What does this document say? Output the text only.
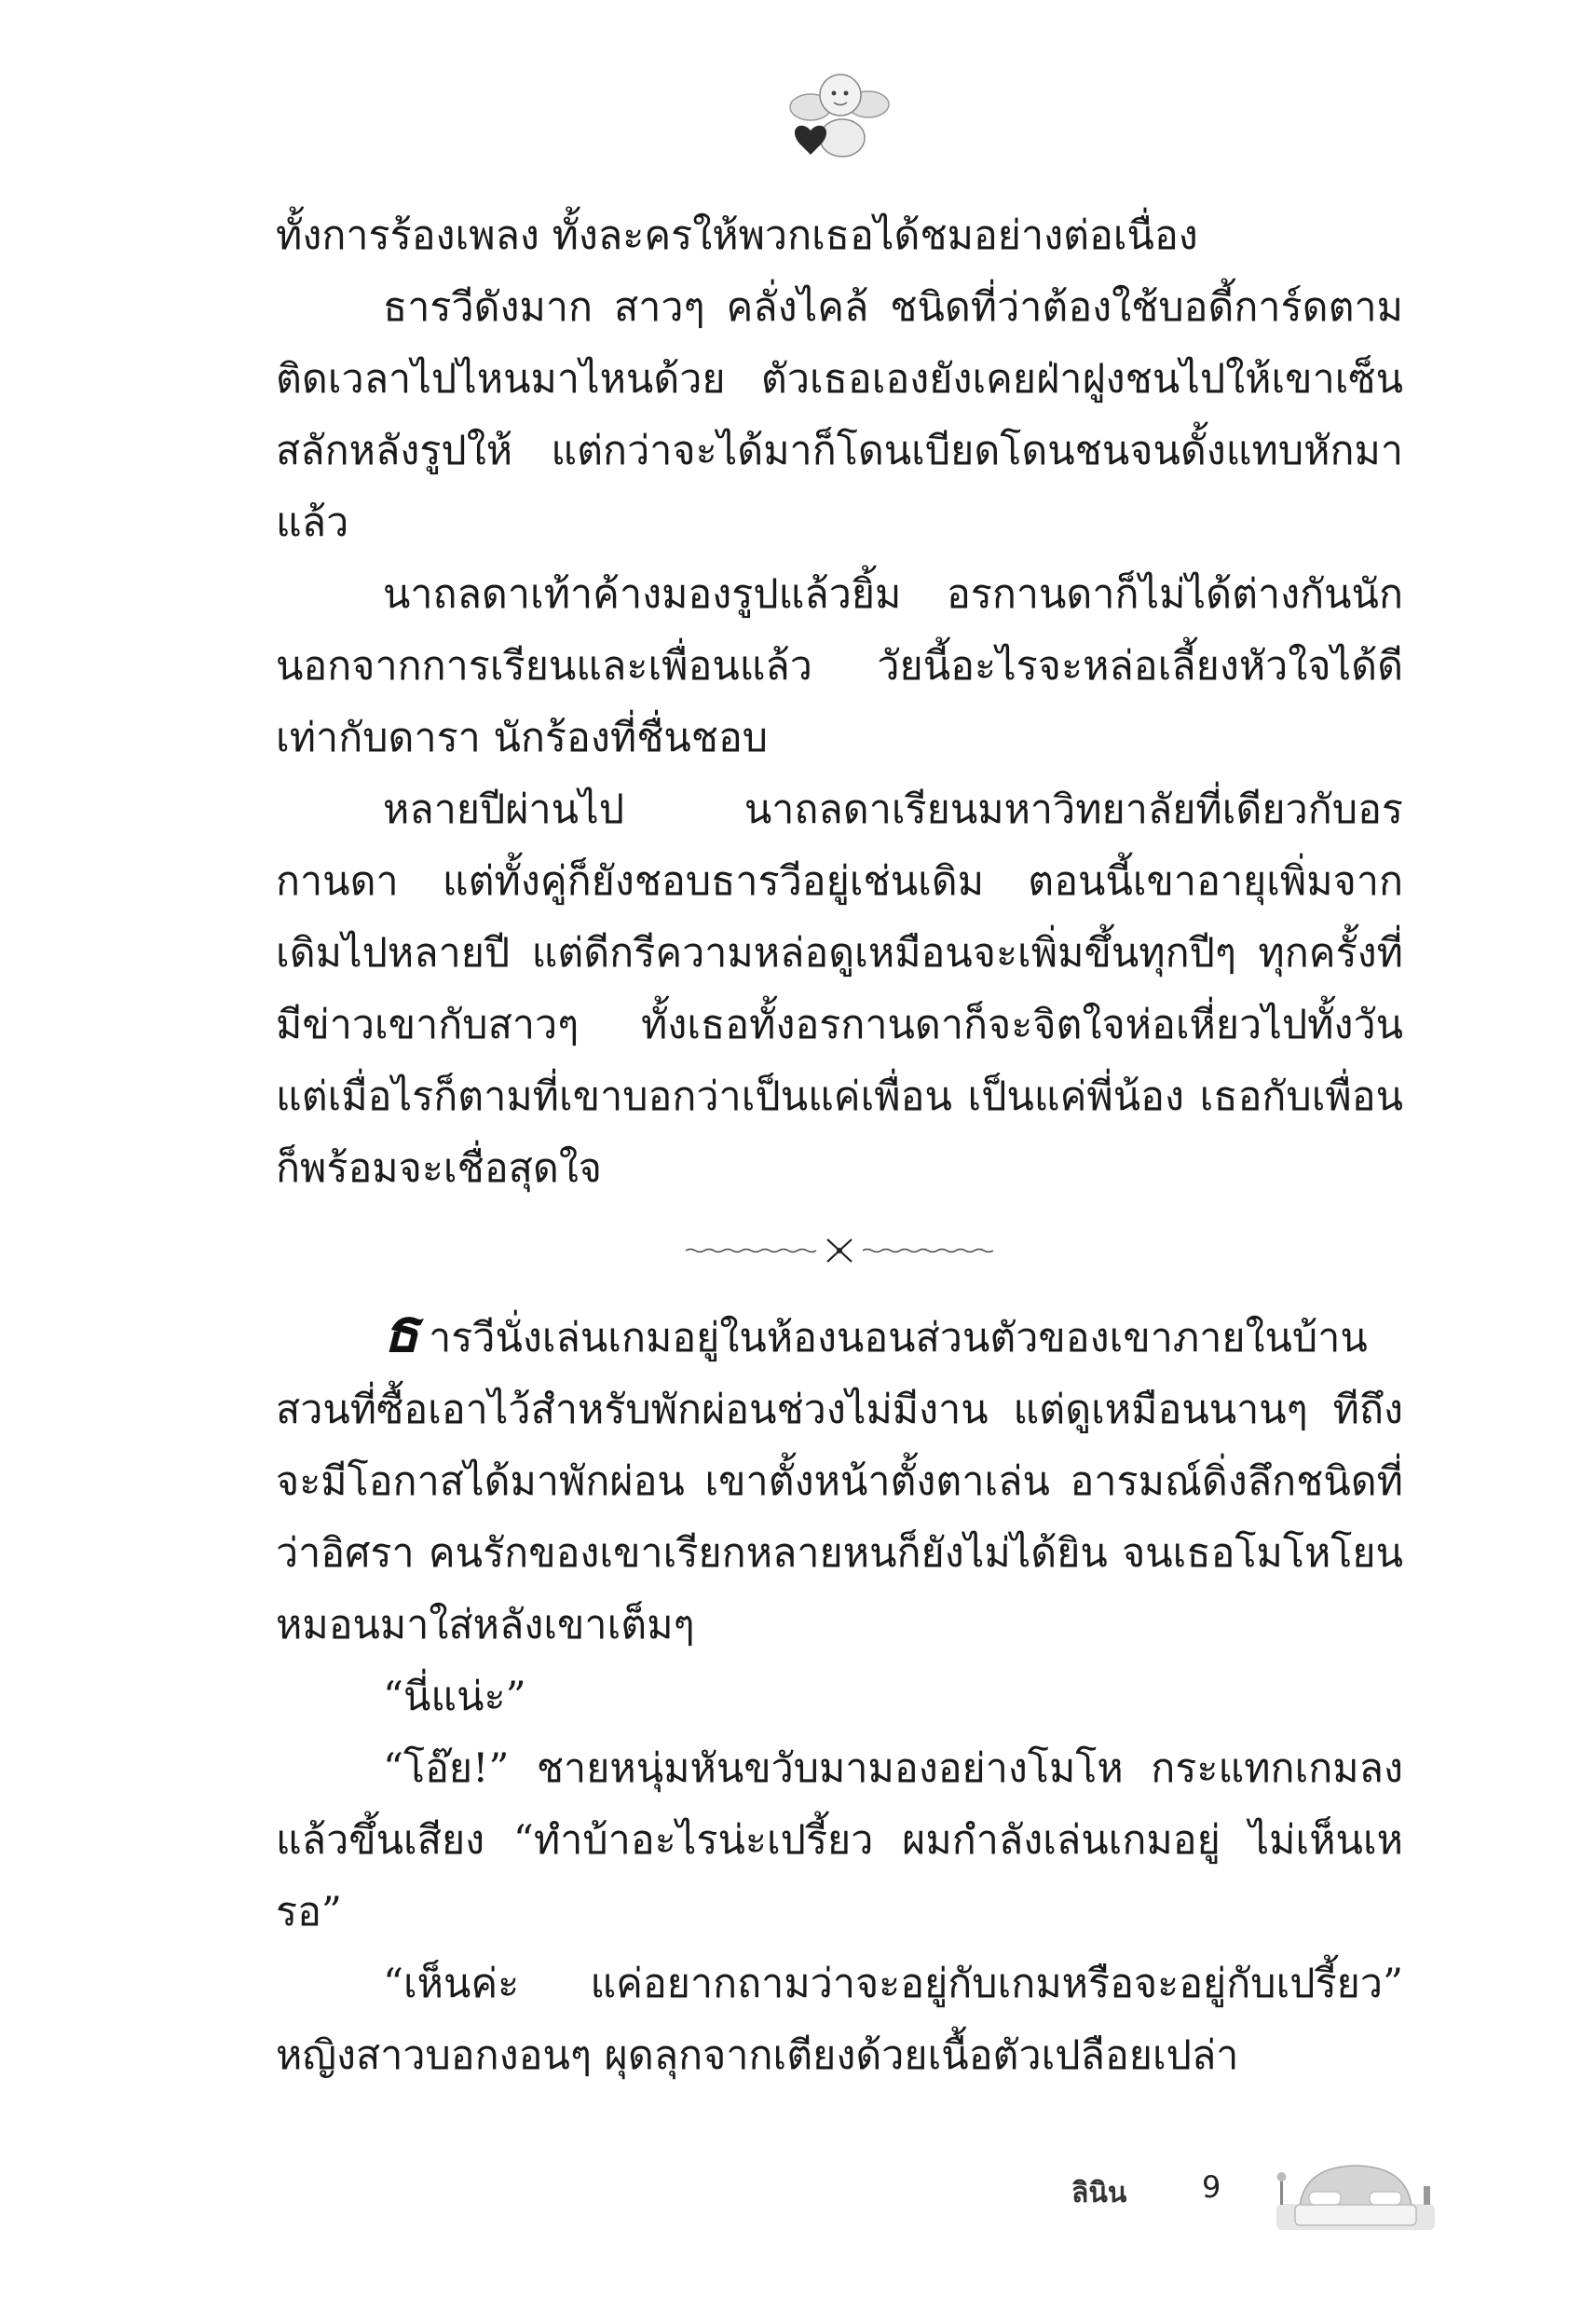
ทั้งการร้องเพลง ทั้งละครให้พวกเธอได้ชมอย่างต่อเนื่อง

ธารวีดังมาก สาวๆ คลั่งไคล้ ชนิดที่ว่าต้องใช้บอดี้การ์ดตามติดเวลาไปไหนมาไหนด้วย ตัวเธอเองยังเคยฝ่าฝูงชนไปให้เขาเซ็นสลักหลังรูปให้ แต่กว่าจะได้มาก็โดนเบียดโดนชนจนดั้งแทบหักมาแล้ว

นาถลดาเท้าค้างมองรูปแล้วยิ้ม อรกานดาก็ไม่ได้ต่างกันนัก นอกจากการเรียนและเพื่อนแล้ว วัยนี้อะไรจะหล่อเลี้ยงหัวใจได้ดีเท่ากับดารา นักร้องที่ชื่นชอบ

หลายปีผ่านไป นาถลดาเรียนมหาวิทยาลัยที่เดียวกับอรกานดา แต่ทั้งคู่ก็ยังชอบธารวีอยู่เช่นเดิม ตอนนี้เขาอายุเพิ่มจากเดิมไปหลายปี แต่ดีกรีความหล่อดูเหมือนจะเพิ่มขึ้นทุกปีๆ ทุกครั้งที่มีข่าวเขากับสาวๆ ทั้งเธอทั้งอรกานดาก็จะจิตใจห่อเหี่ยวไปทั้งวัน แต่เมื่อไรก็ตามที่เขาบอกว่าเป็นแค่เพื่อน เป็นแค่พี่น้อง เธอกับเพื่อนก็พร้อมจะเชื่อสุดใจ

ธ ารวีนั่งเล่นเกมอยู่ในห้องนอนส่วนตัวของเขาภายในบ้านสวนที่ซื้อเอาไว้สำหรับพักผ่อนช่วงไม่มีงาน แต่ดูเหมือนนานๆ ทีถึงจะมีโอกาสได้มาพักผ่อน เขาตั้งหน้าตั้งตาเล่น อารมณ์ดิ่งลึกชนิดที่ว่าอิศรา คนรักของเขาเรียกหลายหนก็ยังไม่ได้ยิน จนเธอโมโหโยนหมอนมาใส่หลังเขาเต็มๆ

“นี่แน่ะ”

“โอ๊ย!” ชายหนุ่มหันขวับมามองอย่างโมโห กระแทกเกมลงแล้วขึ้นเสียง “ทำบ้าอะไรน่ะเปรี้ยว ผมกำลังเล่นเกมอยู่ ไม่เห็นเหรอ”

“เห็นค่ะ แค่อยากถามว่าจะอยู่กับเกมหรือจะอยู่กับเปรี้ยว” หญิงสาวบอกงอนๆ ผุดลุกจากเตียงด้วยเนื้อตัวเปลือยเปล่า

ลินิน	9
